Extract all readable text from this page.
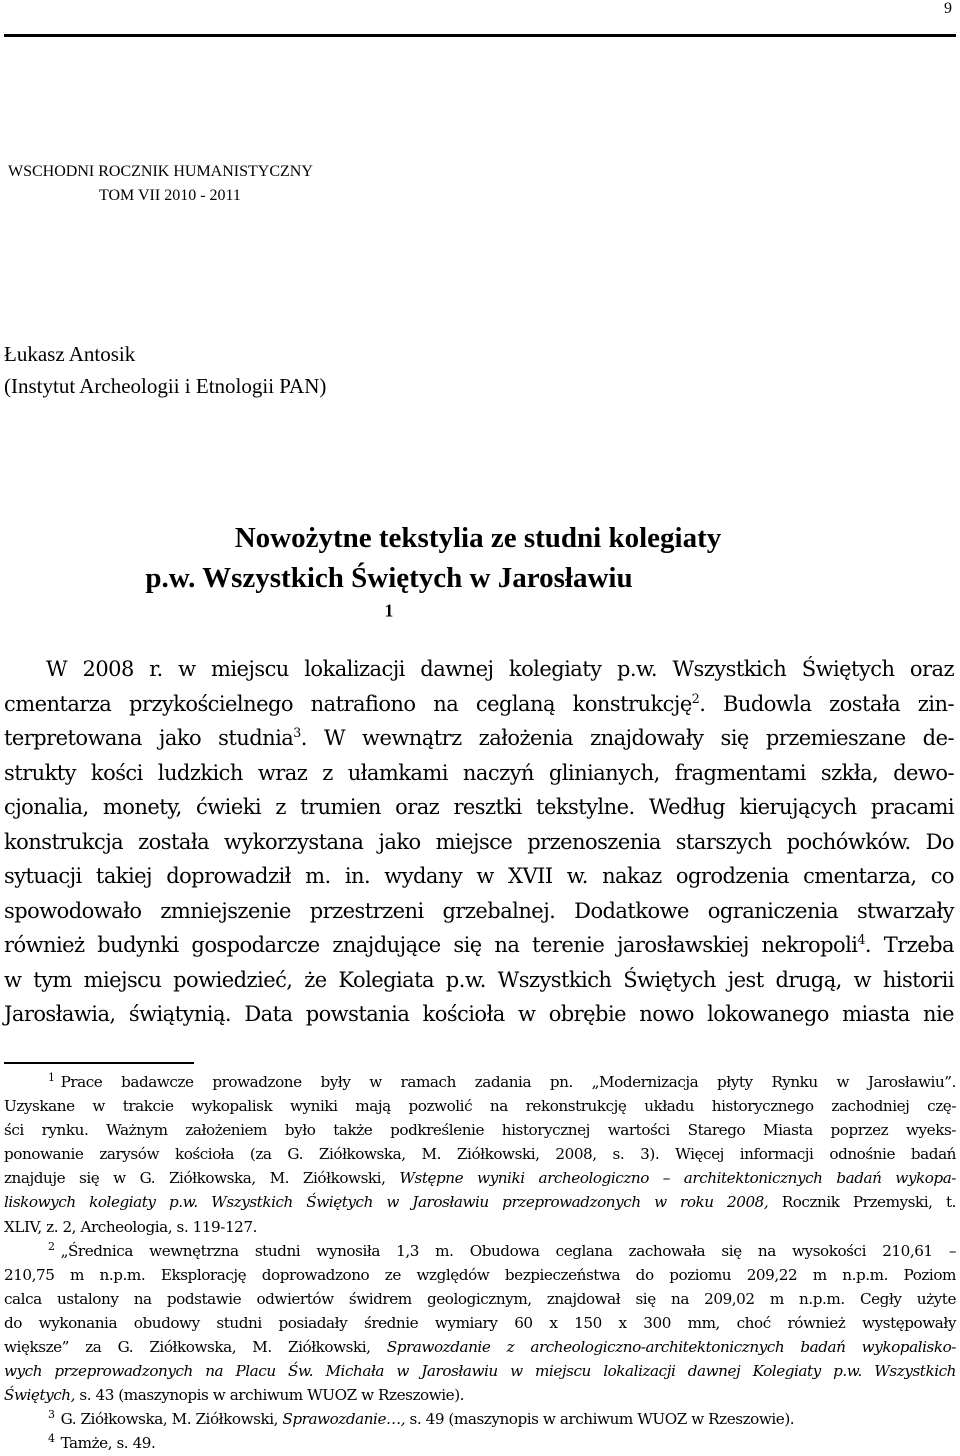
9
WSCHODNI ROCZNIK HUMANISTYCZNY
TOM VII 2010 - 2011
Łukasz Antosik
(Instytut Archeologii i Etnologii PAN)
Nowożytne tekstylia ze studni kolegiaty
p.w. Wszystkich Świętych w Jarosławiu
$^1$
W 2008 r. w miejscu lokalizacji dawnej kolegiaty p.w. Wszystkich Świętych oraz
cmentarza przykościelnego natrafiono na ceglaną konstrukcję$^2$. Budowla została zin-
terpretowana jako studnia$^3$. W wewnątrz założenia znajdowały się przemieszane de-
strukty kości ludzkich wraz z ułamkami naczyń glinianych, fragmentami szkła, dewo-
cjonalia, monety, ćwieki z trumien oraz resztki tekstylne. Według kierujących pracami
konstrukcja została wykorzystana jako miejsce przenoszenia starszych pochówków. Do
sytuacji takiej doprowadził m. in. wydany w XVII w. nakaz ogrodzenia cmentarza, co
spowodowało zmniejszenie przestrzeni grzebalnej. Dodatkowe ograniczenia stwarzały
również budynki gospodarcze znajdujące się na terenie jarosławskiej nekropoli$^4$. Trzeba
w tym miejscu powiedzieć, że Kolegiata p.w. Wszystkich Świętych jest drugą, w historii
Jarosławia, świątynią. Data powstania kościoła w obrębie nowo lokowanego miasta nie
$^1$ Prace badawcze prowadzone były w ramach zadania pn. „Modernizacja płyty Rynku w Jarosławiu”.
Uzyskane w trakcie wykopalisk wyniki mają pozwolić na rekonstrukcję układu historycznego zachodniej czę-
ści rynku. Ważnym założeniem było także podkreślenie historycznej wartości Starego Miasta poprzez wyeks-
ponowanie zarysów kościoła (za G. Ziółkowska, M. Ziółkowski, 2008, s. 3). Więcej informacji odnośnie badań
znajduje się w G. Ziółkowska, M. Ziółkowski, Wstępne wyniki archeologiczno – architektonicznych badań wykopa-
liskowych kolegiaty p.w. Wszystkich Świętych w Jarosławiu przeprowadzonych w roku 2008, Rocznik Przemyski, t.
XLIV, z. 2, Archeologia, s. 119-127.
$^2$ „Średnica wewnętrzna studni wynosiła 1,3 m. Obudowa ceglana zachowała się na wysokości 210,61 –
210,75 m n.p.m. Eksplorację doprowadzono ze względów bezpieczeństwa do poziomu 209,22 m n.p.m. Poziom
calca ustalony na podstawie odwiertów świdrem geologicznym, znajdował się na 209,02 m n.p.m. Cegły użyte
do wykonania obudowy studni posiadały średnie wymiary 60 x 150 x 300 mm, choć również występowały
większe” za G. Ziółkowska, M. Ziółkowski, Sprawozdanie z archeologiczno-architektonicznych badań wykopalisko-
wych przeprowadzonych na Placu Św. Michała w Jarosławiu w miejscu lokalizacji dawnej Kolegiaty p.w. Wszystkich
Świętych, s. 43 (maszynopis w archiwum WUOZ w Rzeszowie).
$^3$ G. Ziółkowska, M. Ziółkowski, Sprawozdanie…, s. 49 (maszynopis w archiwum WUOZ w Rzeszowie).
$^4$ Tamże, s. 49.
